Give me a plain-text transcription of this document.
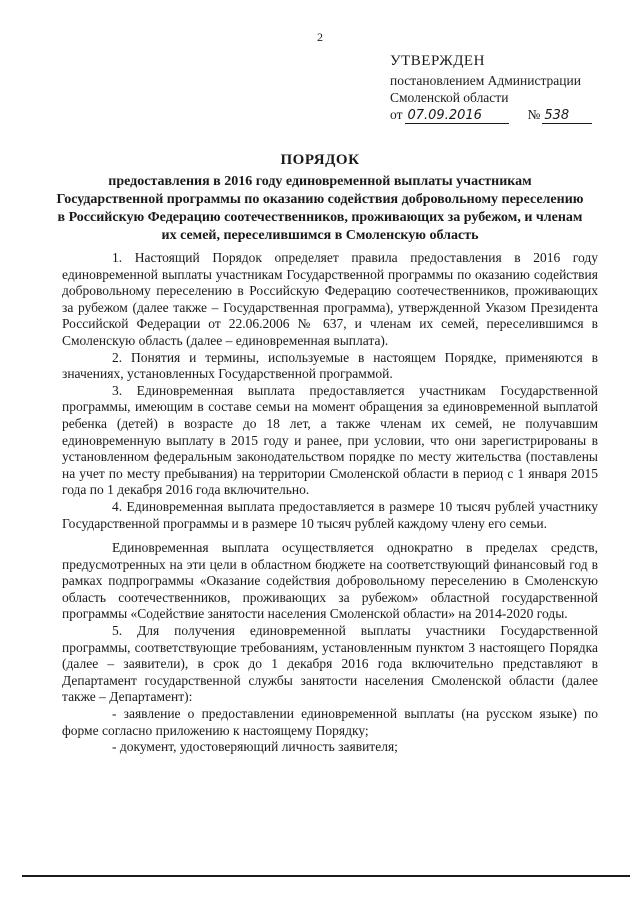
2
УТВЕРЖДЕН
постановлением Администрации
Смоленской области
от 07.09.2016	№ 538
ПОРЯДОК
предоставления в 2016 году единовременной выплаты участникам Государственной программы по оказанию содействия добровольному переселению в Российскую Федерацию соотечественников, проживающих за рубежом, и членам их семей, переселившимся в Смоленскую область

1. Настоящий Порядок определяет правила предоставления в 2016 году единовременной выплаты участникам Государственной программы по оказанию содействия добровольному переселению в Российскую Федерацию соотечественников, проживающих за рубежом (далее также – Государственная программа), утвержденной Указом Президента Российской Федерации от 22.06.2006 № 637, и членам их семей, переселившимся в Смоленскую область (далее – единовременная выплата).

2. Понятия и термины, используемые в настоящем Порядке, применяются в значениях, установленных Государственной программой.

3. Единовременная выплата предоставляется участникам Государственной программы, имеющим в составе семьи на момент обращения за единовременной выплатой ребенка (детей) в возрасте до 18 лет, а также членам их семей, не получавшим единовременную выплату в 2015 году и ранее, при условии, что они зарегистрированы в установленном федеральным законодательством порядке по месту жительства (поставлены на учет по месту пребывания) на территории Смоленской области в период с 1 января 2015 года по 1 декабря 2016 года включительно.

4. Единовременная выплата предоставляется в размере 10 тысяч рублей участнику Государственной программы и в размере 10 тысяч рублей каждому члену его семьи.

Единовременная выплата осуществляется однократно в пределах средств, предусмотренных на эти цели в областном бюджете на соответствующий финансовый год в рамках подпрограммы «Оказание содействия добровольному переселению в Смоленскую область соотечественников, проживающих за рубежом» областной государственной программы «Содействие занятости населения Смоленской области» на 2014-2020 годы.

5. Для получения единовременной выплаты участники Государственной программы, соответствующие требованиям, установленным пунктом 3 настоящего Порядка (далее – заявители), в срок до 1 декабря 2016 года включительно представляют в Департамент государственной службы занятости населения Смоленской области (далее также – Департамент):

- заявление о предоставлении единовременной выплаты (на русском языке) по форме согласно приложению к настоящему Порядку;

- документ, удостоверяющий личность заявителя;
